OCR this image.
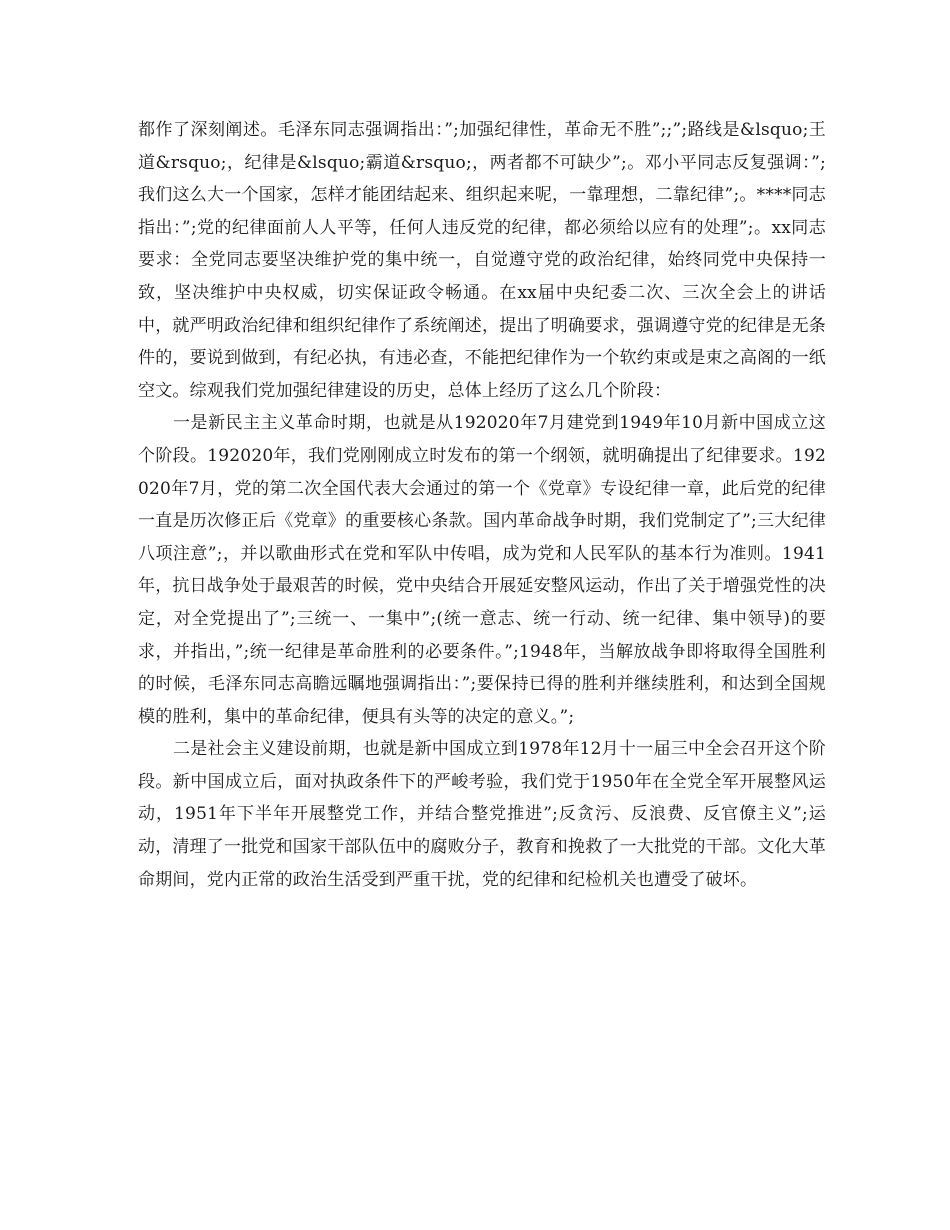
都作了深刻阐述。毛泽东同志强调指出：”;加强纪律性，革命无不胜”;;”;路线是&lsquo;王道&rsquo;，纪律是&lsquo;霸道&rsquo;，两者都不可缺少”;。邓小平同志反复强调：”;我们这么大一个国家，怎样才能团结起来、组织起来呢，一靠理想，二靠纪律”;。****同志指出：”;党的纪律面前人人平等，任何人违反党的纪律，都必须给以应有的处理”;。xx同志要求：全党同志要坚决维护党的集中统一，自觉遵守党的政治纪律，始终同党中央保持一致，坚决维护中央权威，切实保证政令畅通。在xx届中央纪委二次、三次全会上的讲话中，就严明政治纪律和组织纪律作了系统阐述，提出了明确要求，强调遵守党的纪律是无条件的，要说到做到，有纪必执，有违必查，不能把纪律作为一个软约束或是束之高阁的一纸空文。综观我们党加强纪律建设的历史，总体上经历了这么几个阶段：

一是新民主主义革命时期，也就是从192020年7月建党到1949年10月新中国成立这个阶段。192020年，我们党刚刚成立时发布的第一个纲领，就明确提出了纪律要求。192020年7月，党的第二次全国代表大会通过的第一个《党章》专设纪律一章，此后党的纪律一直是历次修正后《党章》的重要核心条款。国内革命战争时期，我们党制定了”;三大纪律八项注意”;，并以歌曲形式在党和军队中传唱，成为党和人民军队的基本行为准则。1941年，抗日战争处于最艰苦的时候，党中央结合开展延安整风运动，作出了关于增强党性的决定，对全党提出了”;三统一、一集中”;(统一意志、统一行动、统一纪律、集中领导)的要求，并指出，”;统一纪律是革命胜利的必要条件。”;1948年，当解放战争即将取得全国胜利的时候，毛泽东同志高瞻远瞩地强调指出：”;要保持已得的胜利并继续胜利，和达到全国规模的胜利，集中的革命纪律，便具有头等的决定的意义。”;

二是社会主义建设前期，也就是新中国成立到1978年12月十一届三中全会召开这个阶段。新中国成立后，面对执政条件下的严峻考验，我们党于1950年在全党全军开展整风运动，1951年下半年开展整党工作，并结合整党推进”;反贪污、反浪费、反官僚主义”;运动，清理了一批党和国家干部队伍中的腐败分子，教育和挽救了一大批党的干部。文化大革命期间，党内正常的政治生活受到严重干扰，党的纪律和纪检机关也遭受了破坏。
